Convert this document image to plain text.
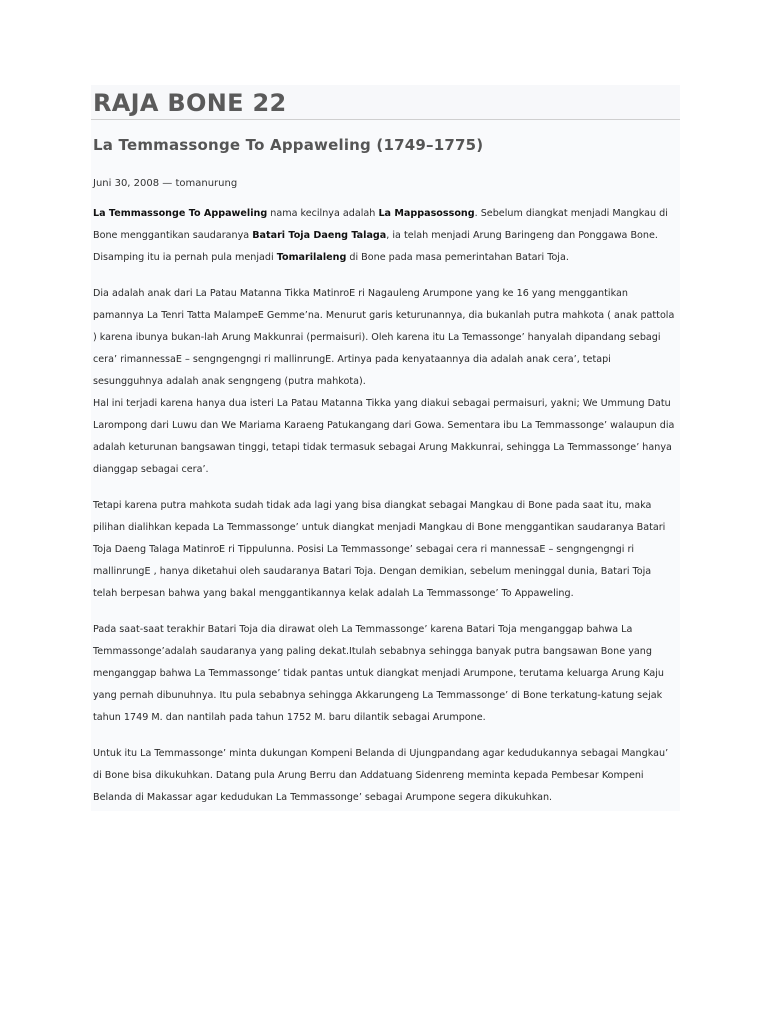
RAJA BONE 22
La Temmassonge To Appaweling (1749–1775)
Juni 30, 2008 — tomanurung

La Temmassonge To Appaweling nama kecilnya adalah La Mappasossong. Sebelum diangkat menjadi Mangkau di Bone menggantikan saudaranya Batari Toja Daeng Talaga, ia telah menjadi Arung Baringeng dan Ponggawa Bone. Disamping itu ia pernah pula menjadi Tomarilaleng di Bone pada masa pemerintahan Batari Toja.

Dia adalah anak dari La Patau Matanna Tikka MatinroE ri Nagauleng Arumpone yang ke 16 yang menggantikan pamannya La Tenri Tatta MalampeE Gemme’na. Menurut garis keturunannya, dia bukanlah putra mahkota ( anak pattola ) karena ibunya bukan-lah Arung Makkunrai (permaisuri). Oleh karena itu La Temassonge’ hanyalah dipandang sebagi cera’ rimannessaE – sengngengngi ri mallinrungE. Artinya pada kenyataannya dia adalah anak cera’, tetapi sesungguhnya adalah anak sengngeng (putra mahkota).

Hal ini terjadi karena hanya dua isteri La Patau Matanna Tikka yang diakui sebagai permaisuri, yakni; We Ummung Datu Larompong dari Luwu dan We Mariama Karaeng Patukangang dari Gowa. Sementara ibu La Temmassonge’ walaupun dia adalah keturunan bangsawan tinggi, tetapi tidak termasuk sebagai Arung Makkunrai, sehingga La Temmassonge’ hanya dianggap sebagai cera’.

Tetapi karena putra mahkota sudah tidak ada lagi yang bisa diangkat sebagai Mangkau di Bone pada saat itu, maka pilihan dialihkan kepada La Temmassonge’ untuk diangkat menjadi Mangkau di Bone menggantikan saudaranya Batari Toja Daeng Talaga MatinroE ri Tippulunna. Posisi La Temmassonge’ sebagai cera ri mannessaE – sengngengngi ri mallinrungE , hanya diketahui oleh saudaranya Batari Toja. Dengan demikian, sebelum meninggal dunia, Batari Toja telah berpesan bahwa yang bakal menggantikannya kelak adalah La Temmassonge’ To Appaweling.

Pada saat-saat terakhir Batari Toja dia dirawat oleh La Temmassonge’ karena Batari Toja menganggap bahwa La Temmassonge’adalah saudaranya yang paling dekat.Itulah sebabnya sehingga banyak putra bangsawan Bone yang menganggap bahwa La Temmassonge’ tidak pantas untuk diangkat menjadi Arumpone, terutama keluarga Arung Kaju yang pernah dibunuhnya. Itu pula sebabnya sehingga Akkarungeng La Temmassonge’ di Bone terkatung-katung sejak tahun 1749 M. dan nantilah pada tahun 1752 M. baru dilantik sebagai Arumpone.

Untuk itu La Temmassonge’ minta dukungan Kompeni Belanda di Ujungpandang agar kedudukannya sebagai Mangkau’ di Bone bisa dikukuhkan. Datang pula Arung Berru dan Addatuang Sidenreng meminta kepada Pembesar Kompeni Belanda di Makassar agar kedudukan La Temmassonge’ sebagai Arumpone segera dikukuhkan.
